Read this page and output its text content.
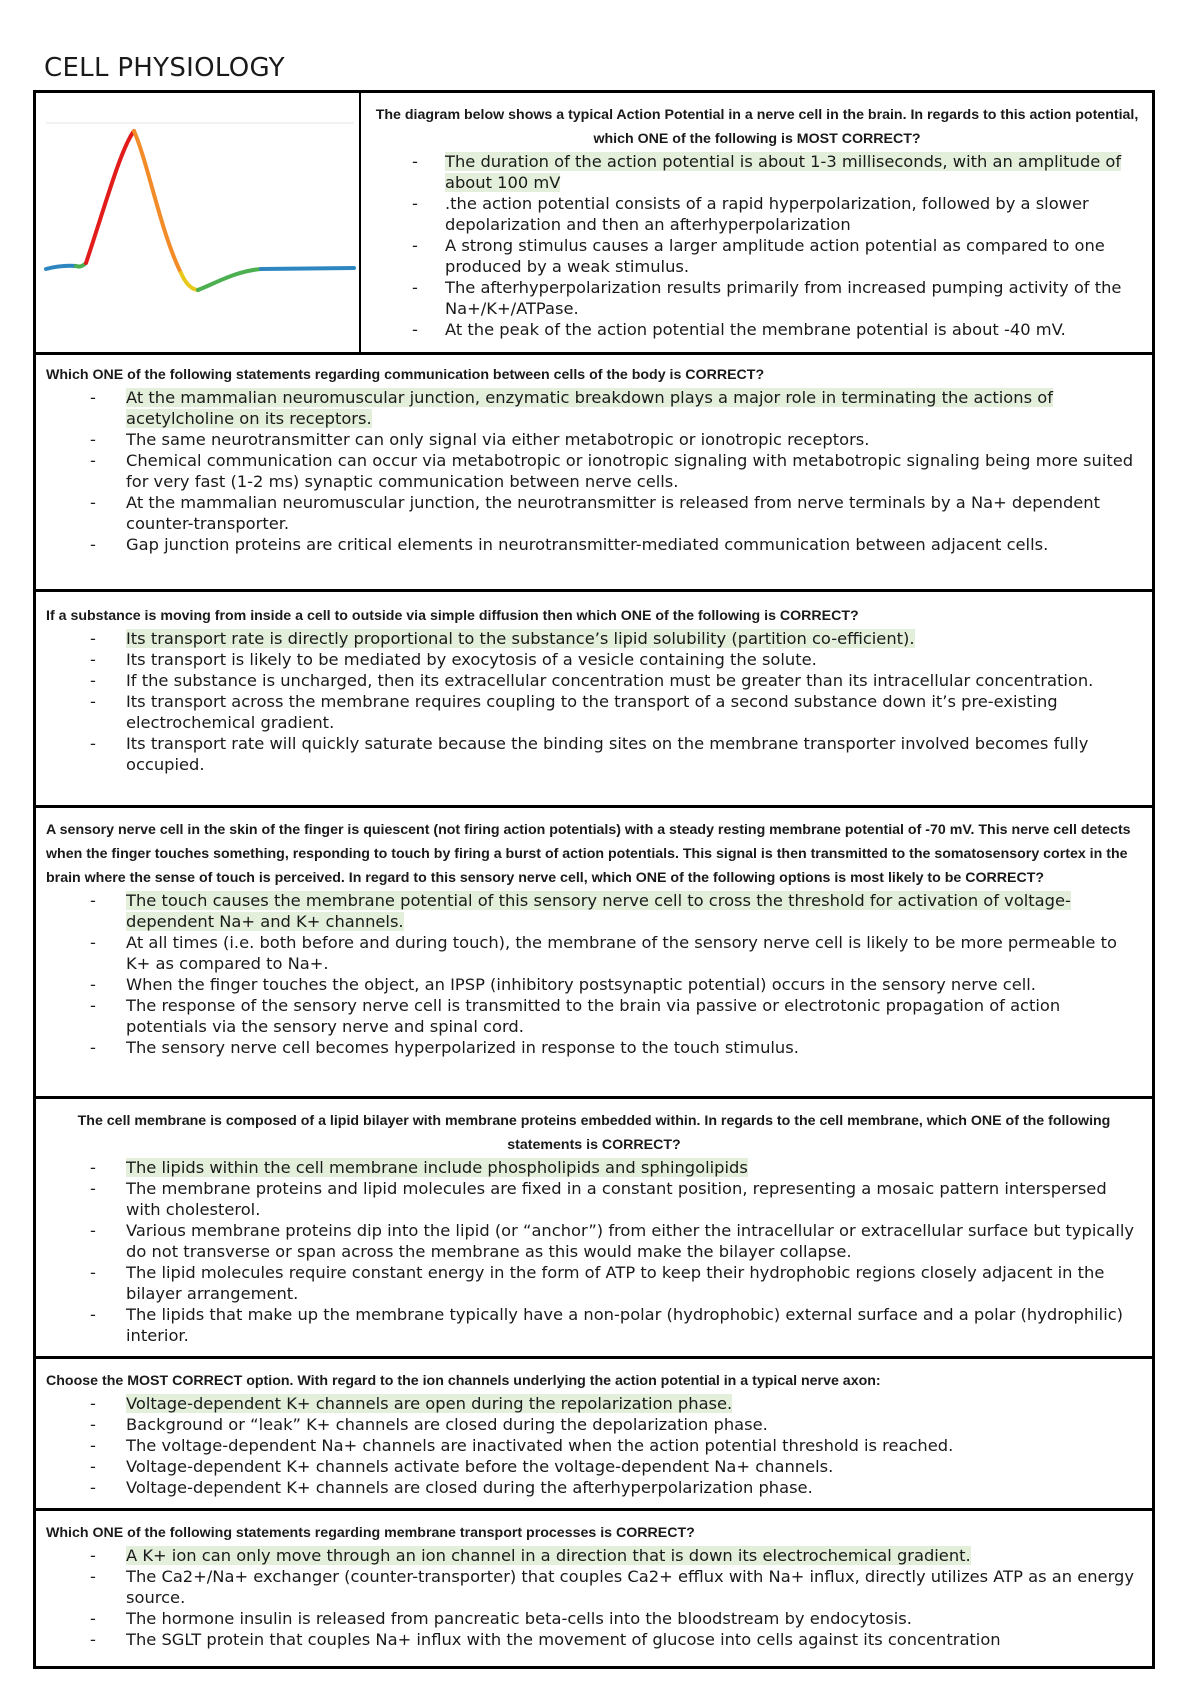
CELL PHYSIOLOGY

The diagram below shows a typical Action Potential in a nerve cell in the brain. In regards to this action potential, which ONE of the following is MOST CORRECT?

- The duration of the action potential is about 1-3 milliseconds, with an amplitude of about 100 mV
- .the action potential consists of a rapid hyperpolarization, followed by a slower depolarization and then an afterhyperpolarization
- A strong stimulus causes a larger amplitude action potential as compared to one produced by a weak stimulus.
- The afterhyperpolarization results primarily from increased pumping activity of the Na+/K+/ATPase.
- At the peak of the action potential the membrane potential is about -40 mV.

Which ONE of the following statements regarding communication between cells of the body is CORRECT?

- At the mammalian neuromuscular junction, enzymatic breakdown plays a major role in terminating the actions of acetylcholine on its receptors.
- The same neurotransmitter can only signal via either metabotropic or ionotropic receptors.
- Chemical communication can occur via metabotropic or ionotropic signaling with metabotropic signaling being more suited for very fast (1-2 ms) synaptic communication between nerve cells.
- At the mammalian neuromuscular junction, the neurotransmitter is released from nerve terminals by a Na+ dependent counter-transporter.
- Gap junction proteins are critical elements in neurotransmitter-mediated communication between adjacent cells.

If a substance is moving from inside a cell to outside via simple diffusion then which ONE of the following is CORRECT?

- Its transport rate is directly proportional to the substance’s lipid solubility (partition co-efficient).
- Its transport is likely to be mediated by exocytosis of a vesicle containing the solute.
- If the substance is uncharged, then its extracellular concentration must be greater than its intracellular concentration.
- Its transport across the membrane requires coupling to the transport of a second substance down it’s pre-existing electrochemical gradient.
- Its transport rate will quickly saturate because the binding sites on the membrane transporter involved becomes fully occupied.

A sensory nerve cell in the skin of the finger is quiescent (not firing action potentials) with a steady resting membrane potential of -70 mV. This nerve cell detects when the finger touches something, responding to touch by firing a burst of action potentials. This signal is then transmitted to the somatosensory cortex in the brain where the sense of touch is perceived. In regard to this sensory nerve cell, which ONE of the following options is most likely to be CORRECT?

- The touch causes the membrane potential of this sensory nerve cell to cross the threshold for activation of voltage-dependent Na+ and K+ channels.
- At all times (i.e. both before and during touch), the membrane of the sensory nerve cell is likely to be more permeable to K+ as compared to Na+.
- When the finger touches the object, an IPSP (inhibitory postsynaptic potential) occurs in the sensory nerve cell.
- The response of the sensory nerve cell is transmitted to the brain via passive or electrotonic propagation of action potentials via the sensory nerve and spinal cord.
- The sensory nerve cell becomes hyperpolarized in response to the touch stimulus.

The cell membrane is composed of a lipid bilayer with membrane proteins embedded within. In regards to the cell membrane, which ONE of the following statements is CORRECT?

- The lipids within the cell membrane include phospholipids and sphingolipids
- The membrane proteins and lipid molecules are fixed in a constant position, representing a mosaic pattern interspersed with cholesterol.
- Various membrane proteins dip into the lipid (or “anchor”) from either the intracellular or extracellular surface but typically do not transverse or span across the membrane as this would make the bilayer collapse.
- The lipid molecules require constant energy in the form of ATP to keep their hydrophobic regions closely adjacent in the bilayer arrangement.
- The lipids that make up the membrane typically have a non-polar (hydrophobic) external surface and a polar (hydrophilic) interior.

Choose the MOST CORRECT option. With regard to the ion channels underlying the action potential in a typical nerve axon:

- Voltage-dependent K+ channels are open during the repolarization phase.
- Background or “leak” K+ channels are closed during the depolarization phase.
- The voltage-dependent Na+ channels are inactivated when the action potential threshold is reached.
- Voltage-dependent K+ channels activate before the voltage-dependent Na+ channels.
- Voltage-dependent K+ channels are closed during the afterhyperpolarization phase.

Which ONE of the following statements regarding membrane transport processes is CORRECT?

- A K+ ion can only move through an ion channel in a direction that is down its electrochemical gradient.
- The Ca2+/Na+ exchanger (counter-transporter) that couples Ca2+ efflux with Na+ influx, directly utilizes ATP as an energy source.
- The hormone insulin is released from pancreatic beta-cells into the bloodstream by endocytosis.
- The SGLT protein that couples Na+ influx with the movement of glucose into cells against its concentration
